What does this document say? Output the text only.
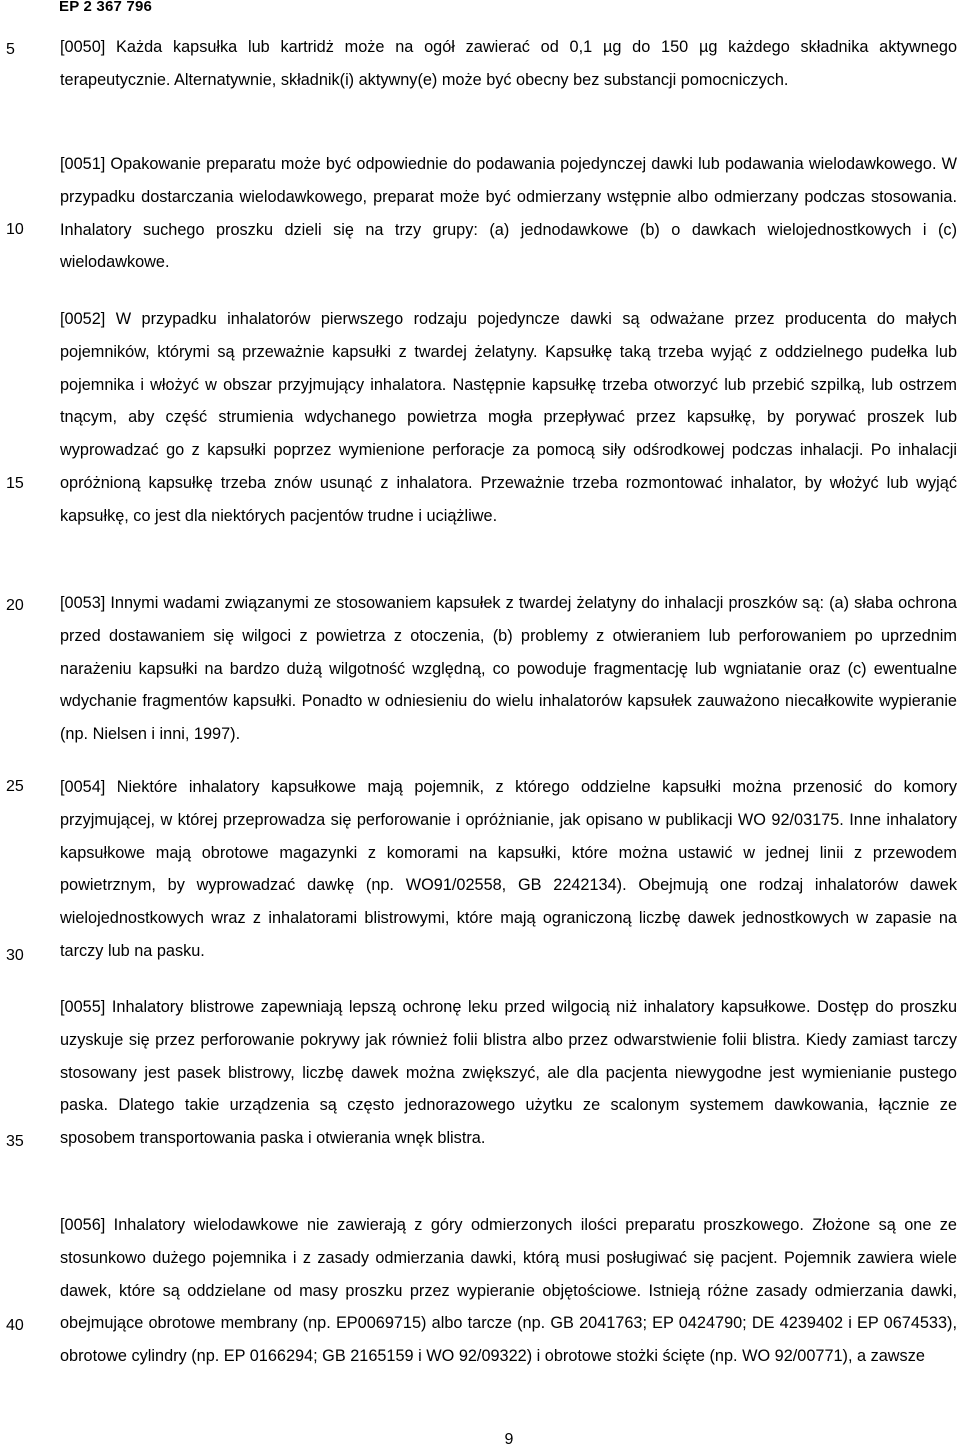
EP 2 367 796
5
10
15
20
25
30
35
40

[0050] Każda kapsułka lub kartridż może na ogół zawierać od 0,1 µg do 150 µg każdego składnika aktywnego terapeutycznie. Alternatywnie, składnik(i) aktywny(e) może być obecny bez substancji pomocniczych.

[0051] Opakowanie preparatu może być odpowiednie do podawania pojedynczej dawki lub podawania wielodawkowego. W przypadku dostarczania wielodawkowego, preparat może być odmierzany wstępnie albo odmierzany podczas stosowania. Inhalatory suchego proszku dzieli się na trzy grupy: (a) jednodawkowe (b) o dawkach wielojednostkowych i (c) wielodawkowe.

[0052] W przypadku inhalatorów pierwszego rodzaju pojedyncze dawki są odważane przez producenta do małych pojemników, którymi są przeważnie kapsułki z twardej żelatyny. Kapsułkę taką trzeba wyjąć z oddzielnego pudełka lub pojemnika i włożyć w obszar przyjmujący inhalatora. Następnie kapsułkę trzeba otworzyć lub przebić szpilką, lub ostrzem tnącym, aby część strumienia wdychanego powietrza mogła przepływać przez kapsułkę, by porywać proszek lub wyprowadzać go z kapsułki poprzez wymienione perforacje za pomocą siły odśrodkowej podczas inhalacji. Po inhalacji opróżnioną kapsułkę trzeba znów usunąć z inhalatora. Przeważnie trzeba rozmontować inhalator, by włożyć lub wyjąć kapsułkę, co jest dla niektórych pacjentów trudne i uciążliwe.

[0053] Innymi wadami związanymi ze stosowaniem kapsułek z twardej żelatyny do inhalacji proszków są: (a) słaba ochrona przed dostawaniem się wilgoci z powietrza z otoczenia, (b) problemy z otwieraniem lub perforowaniem po uprzednim narażeniu kapsułki na bardzo dużą wilgotność względną, co powoduje fragmentację lub wgniatanie oraz (c) ewentualne wdychanie fragmentów kapsułki. Ponadto w odniesieniu do wielu inhalatorów kapsułek zauważono niecałkowite wypieranie (np. Nielsen i inni, 1997).

[0054] Niektóre inhalatory kapsułkowe mają pojemnik, z którego oddzielne kapsułki można przenosić do komory przyjmującej, w której przeprowadza się perforowanie i opróżnianie, jak opisano w publikacji WO 92/03175. Inne inhalatory kapsułkowe mają obrotowe magazynki z komorami na kapsułki, które można ustawić w jednej linii z przewodem powietrznym, by wyprowadzać dawkę (np. WO91/02558, GB 2242134). Obejmują one rodzaj inhalatorów dawek wielojednostkowych wraz z inhalatorami blistrowymi, które mają ograniczoną liczbę dawek jednostkowych w zapasie na tarczy lub na pasku.

[0055] Inhalatory blistrowe zapewniają lepszą ochronę leku przed wilgocią niż inhalatory kapsułkowe. Dostęp do proszku uzyskuje się przez perforowanie pokrywy jak również folii blistra albo przez odwarstwienie folii blistra. Kiedy zamiast tarczy stosowany jest pasek blistrowy, liczbę dawek można zwiększyć, ale dla pacjenta niewygodne jest wymienianie pustego paska. Dlatego takie urządzenia są często jednorazowego użytku ze scalonym systemem dawkowania, łącznie ze sposobem transportowania paska i otwierania wnęk blistra.

[0056] Inhalatory wielodawkowe nie zawierają z góry odmierzonych ilości preparatu proszkowego. Złożone są one ze stosunkowo dużego pojemnika i z zasady odmierzania dawki, którą musi posługiwać się pacjent. Pojemnik zawiera wiele dawek, które są oddzielane od masy proszku przez wypieranie objętościowe. Istnieją różne zasady odmierzania dawki, obejmujące obrotowe membrany (np. EP0069715) albo tarcze (np. GB 2041763; EP 0424790; DE 4239402 i EP 0674533), obrotowe cylindry (np. EP 0166294; GB 2165159 i WO 92/09322) i obrotowe stożki ścięte (np. WO 92/00771), a zawsze

9
